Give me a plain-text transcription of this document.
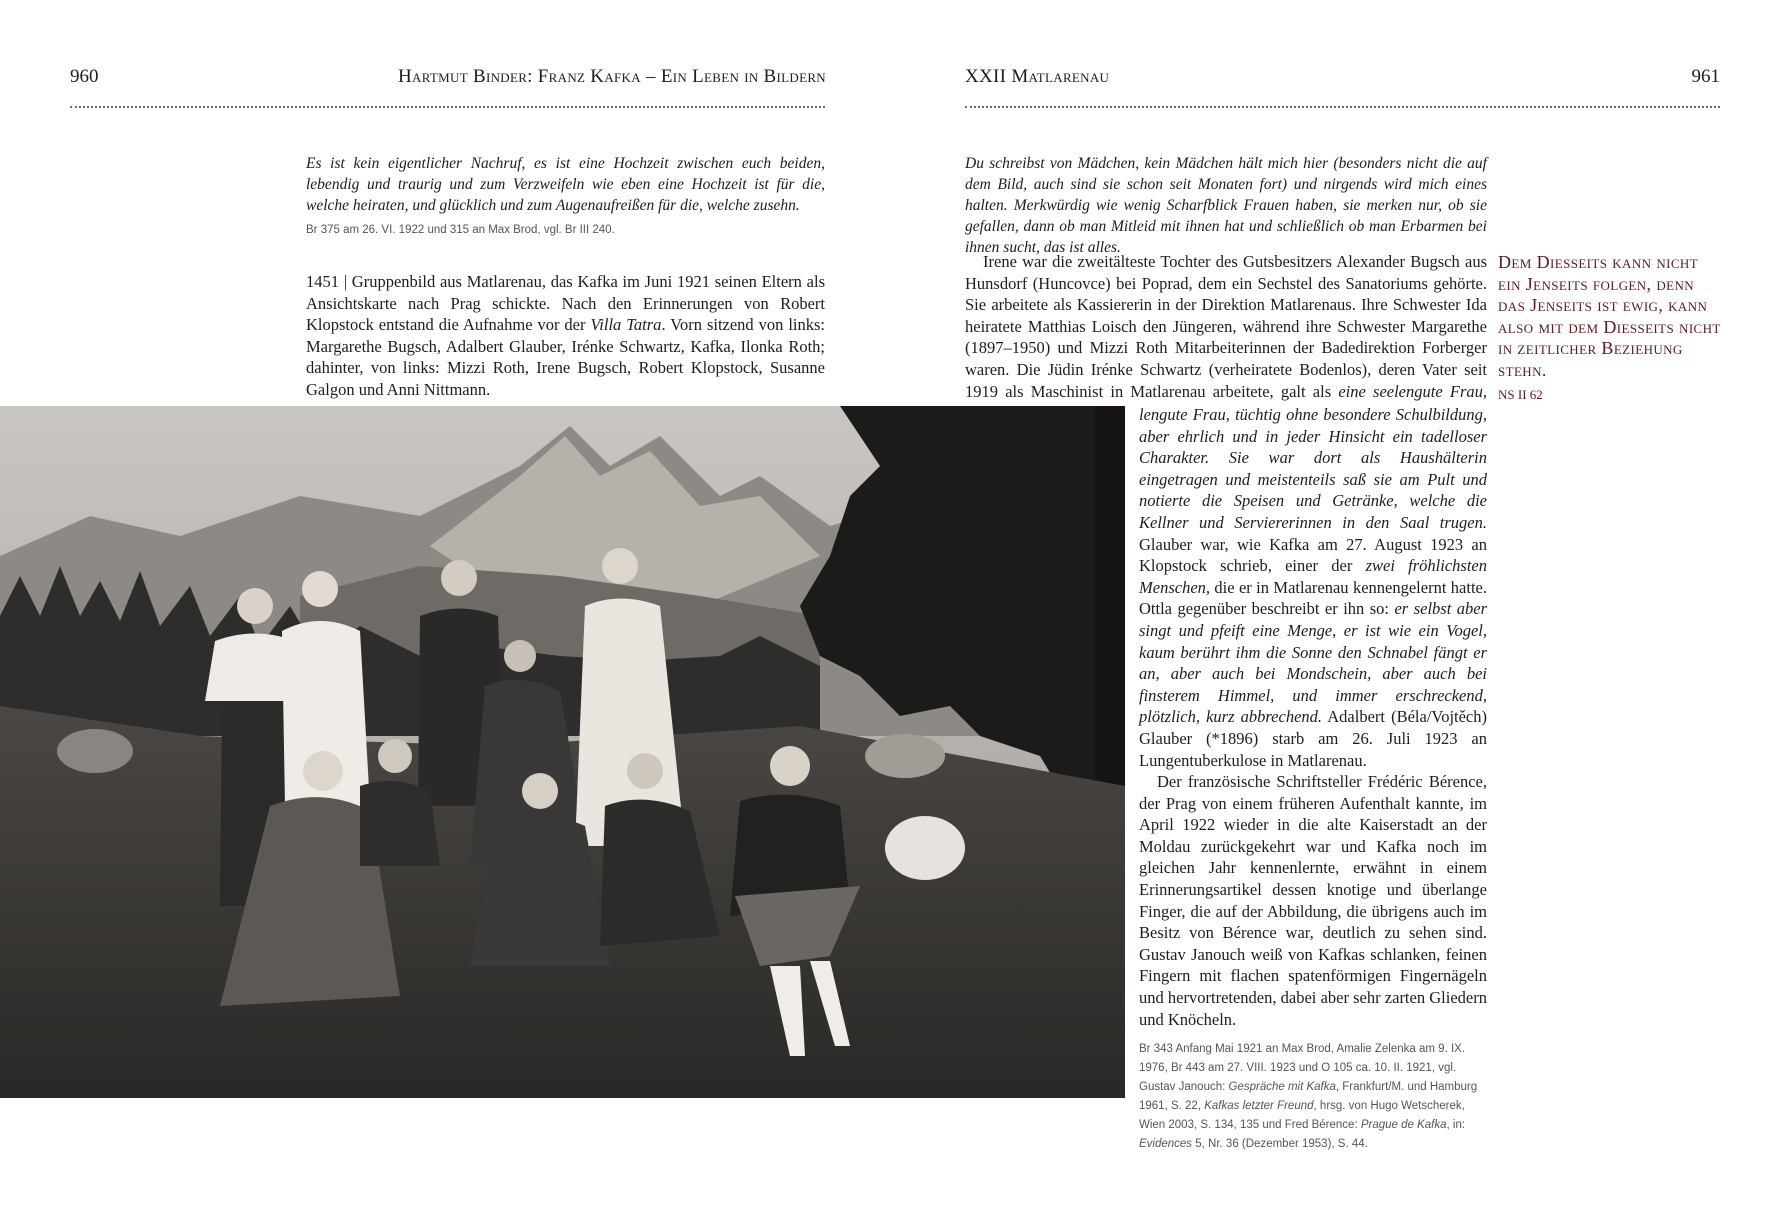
960	Hartmut Binder: Franz Kafka – Ein Leben in Bildern	XXII Matlarenau	961

Es ist kein eigentlicher Nachruf, es ist eine Hochzeit zwischen euch beiden, lebendig und traurig und zum Verzweifeln wie eben eine Hochzeit ist für die, welche heiraten, und glücklich und zum Augenaufreißen für die, welche zusehn.

Br 375 am 26. VI. 1922 und 315 an Max Brod, vgl. Br III 240.

1451 | Gruppenbild aus Matlarenau, das Kafka im Juni 1921 seinen Eltern als Ansichtskarte nach Prag schickte. Nach den Erinnerungen von Robert Klopstock entstand die Aufnahme vor der Villa Tatra. Vorn sitzend von links: Margarethe Bugsch, Adalbert Glauber, Irénke Schwartz, Kafka, Ilonka Roth; dahinter, von links: Mizzi Roth, Irene Bugsch, Robert Klopstock, Susanne Galgon und Anni Nittmann.

Du schreibst von Mädchen, kein Mädchen hält mich hier (besonders nicht die auf dem Bild, auch sind sie schon seit Monaten fort) und nirgends wird mich eines halten. Merkwürdig wie wenig Scharfblick Frauen haben, sie merken nur, ob sie gefallen, dann ob man Mitleid mit ihnen hat und schließlich ob man Erbarmen bei ihnen sucht, das ist alles.

Irene war die zweitälteste Tochter des Gutsbesitzers Alexander Bugsch aus Hunsdorf (Huncovce) bei Poprad, dem ein Sechstel des Sanatoriums gehörte. Sie arbeitete als Kassiererin in der Direktion Matlarenaus. Ihre Schwester Ida heiratete Matthias Loisch den Jüngeren, während ihre Schwester Margarethe (1897–1950) und Mizzi Roth Mitarbeiterinnen der Badedirektion Forberger waren. Die Jüdin Irénke Schwartz (verheiratete Bodenlos), deren Vater seit 1919 als Maschinist in Matlarenau arbeitete, galt als eine seelengute Frau,

lengute Frau, tüchtig ohne besondere Schulbildung, aber ehrlich und in jeder Hinsicht ein tadelloser Charakter. Sie war dort als Haushälterin eingetragen und meistenteils saß sie am Pult und notierte die Speisen und Getränke, welche die Kellner und Serviererinnen in den Saal trugen. Glauber war, wie Kafka am 27. August 1923 an Klopstock schrieb, einer der zwei fröhlichsten Menschen, die er in Matlarenau kennengelernt hatte. Ottla gegenüber beschreibt er ihn so: er selbst aber singt und pfeift eine Menge, er ist wie ein Vogel, kaum berührt ihm die Sonne den Schnabel fängt er an, aber auch bei Mondschein, aber auch bei finsterem Himmel, und immer erschreckend, plötzlich, kurz abbrechend. Adalbert (Béla/Vojtěch) Glauber (*1896) starb am 26. Juli 1923 an Lungentuberkulose in Matlarenau.

Der französische Schriftsteller Frédéric Bérence, der Prag von einem früheren Aufenthalt kannte, im April 1922 wieder in die alte Kaiserstadt an der Moldau zurückgekehrt war und Kafka noch im gleichen Jahr kennenlernte, erwähnt in einem Erinnerungsartikel dessen knotige und überlange Finger, die auf der Abbildung, die übrigens auch im Besitz von Bérence war, deutlich zu sehen sind. Gustav Janouch weiß von Kafkas schlanken, feinen Fingern mit flachen spatenförmigen Fingernägeln und hervortretenden, dabei aber sehr zarten Gliedern und Knöcheln.

Br 343 Anfang Mai 1921 an Max Brod, Amalie Zelenka am 9. IX. 1976, Br 443 am 27. VIII. 1923 und O 105 ca. 10. II. 1921, vgl. Gustav Janouch: Gespräche mit Kafka, Frankfurt/M. und Hamburg 1961, S. 22, Kafkas letzter Freund, hrsg. von Hugo Wetscherek, Wien 2003, S. 134, 135 und Fred Bérence: Prague de Kafka, in: Evidences 5, Nr. 36 (Dezember 1953), S. 44.

Dem Diesseits kann nicht ein Jenseits folgen, denn das Jenseits ist ewig, kann also mit dem Diesseits nicht in zeitlicher Beziehung stehn.

NS II 62
